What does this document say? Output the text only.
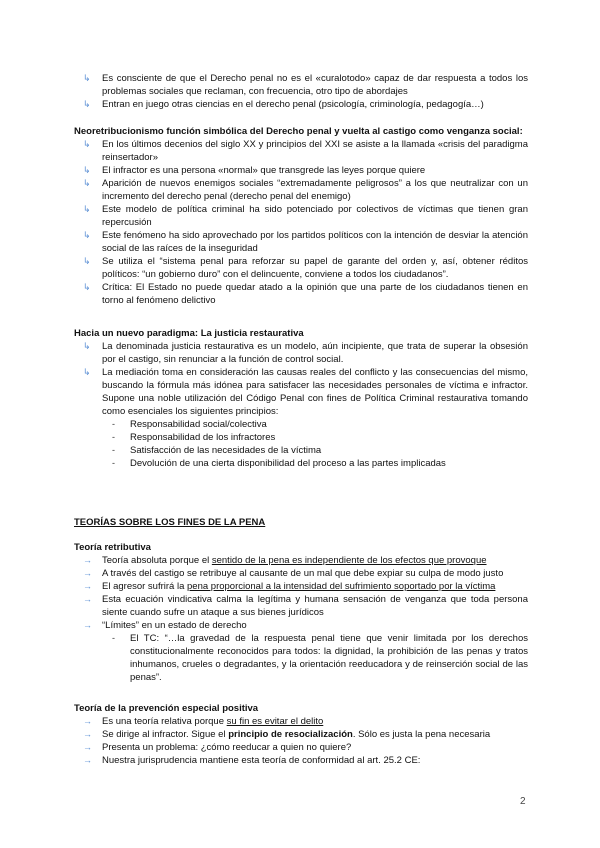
↳ Es consciente de que el Derecho penal no es el «curalotodo» capaz de dar respuesta a todos los problemas sociales que reclaman, con frecuencia, otro tipo de abordajes
↳ Entran en juego otras ciencias en el derecho penal (psicología, criminología, pedagogía…)
Neoretribucionismo función simbólica del Derecho penal y vuelta al castigo como venganza social:
↳ En los últimos decenios del siglo XX y principios del XXI se asiste a la llamada «crisis del paradigma reinsertador»
↳ El infractor es una persona «normal» que transgrede las leyes porque quiere
↳ Aparición de nuevos enemigos sociales “extremadamente peligrosos” a los que neutralizar con un incremento del derecho penal (derecho penal del enemigo)
↳ Este modelo de política criminal ha sido potenciado por colectivos de víctimas que tienen gran repercusión
↳ Este fenómeno ha sido aprovechado por los partidos políticos con la intención de desviar la atención social de las raíces de la inseguridad
↳ Se utiliza el “sistema penal para reforzar su papel de garante del orden y, así, obtener réditos políticos: “un gobierno duro” con el delincuente, conviene a todos los ciudadanos”.
↳ Crítica: El Estado no puede quedar atado a la opinión que una parte de los ciudadanos tienen en torno al fenómeno delictivo
Hacia un nuevo paradigma: La justicia restaurativa
↳ La denominada justicia restaurativa es un modelo, aún incipiente, que trata de superar la obsesión por el castigo, sin renunciar a la función de control social.
↳ La mediación toma en consideración las causas reales del conflicto y las consecuencias del mismo, buscando la fórmula más idónea para satisfacer las necesidades personales de víctima e infractor. Supone una noble utilización del Código Penal con fines de Política Criminal restaurativa tomando como esenciales los siguientes principios:
- Responsabilidad social/colectiva
- Responsabilidad de los infractores
- Satisfacción de las necesidades de la víctima
- Devolución de una cierta disponibilidad del proceso a las partes implicadas
TEORÍAS SOBRE LOS FINES DE LA PENA
Teoría retributiva
→ Teoría absoluta porque el sentido de la pena es independiente de los efectos que provoque
→ A través del castigo se retribuye al causante de un mal que debe expiar su culpa de modo justo
→ El agresor sufrirá la pena proporcional a la intensidad del sufrimiento soportado por la víctima
→ Esta ecuación vindicativa calma la legítima y humana sensación de venganza que toda persona siente cuando sufre un ataque a sus bienes jurídicos
→ “Límites” en un estado de derecho
- El TC: “…la gravedad de la respuesta penal tiene que venir limitada por los derechos constitucionalmente reconocidos para todos: la dignidad, la prohibición de las penas y tratos inhumanos, crueles o degradantes, y la orientación reeducadora y de reinserción social de las penas”.
Teoría de la prevención especial positiva
→ Es una teoría relativa porque su fin es evitar el delito
→ Se dirige al infractor. Sigue el principio de resocialización. Sólo es justa la pena necesaria
→ Presenta un problema: ¿cómo reeducar a quien no quiere?
→ Nuestra jurisprudencia mantiene esta teoría de conformidad al art. 25.2 CE:
2
